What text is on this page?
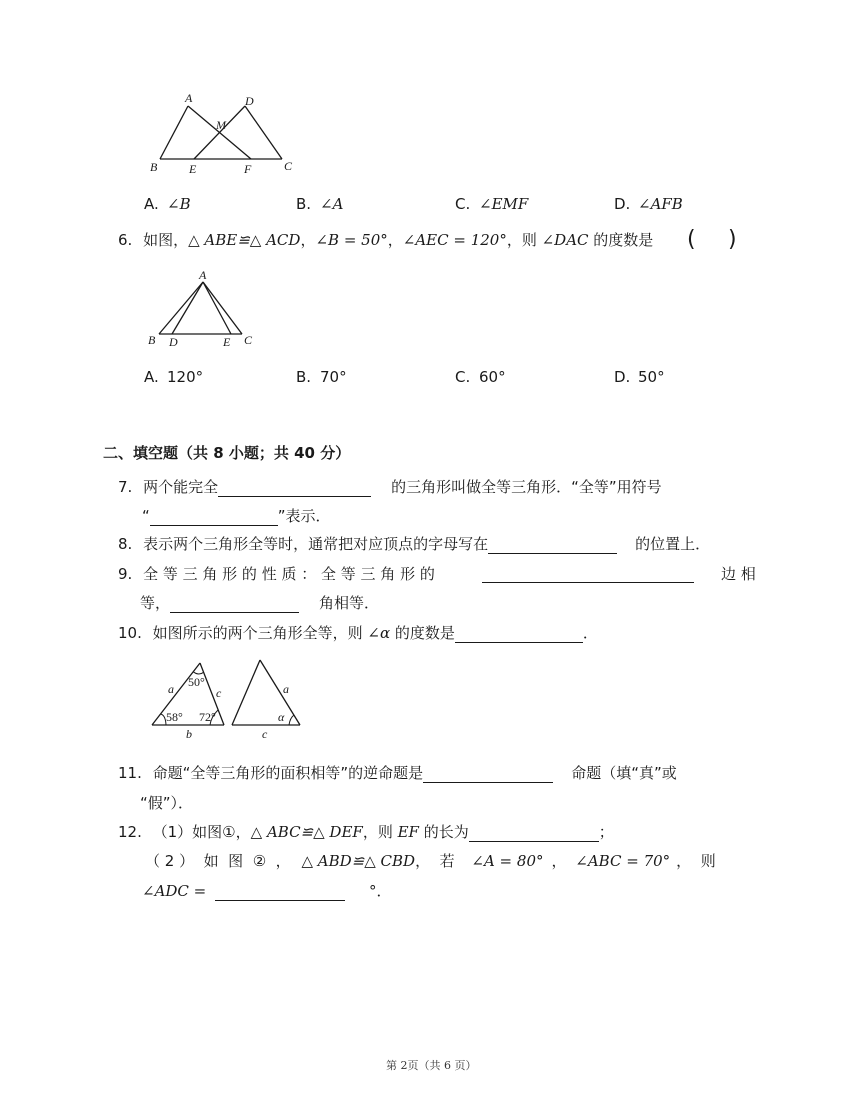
A	D
M
B	E	F	C
A. ∠B	B. ∠A	C. ∠EMF	D. ∠AFB
6. 如图，△ ABE≌△ ACD，∠B = 50°，∠AEC = 120°，则 ∠DAC 的度数是 ( )
A
B D	E C
A. 120°	B. 70°	C. 60°	D. 50°
二、填空题（共 8 小题；共 40 分）
7. 两个能完全	的三角形叫做全等三角形．“全等”用符号
“	”表示．
8. 表示两个三角形全等时，通常把对应顶点的字母写在	的位置上．
9. 全 等 三 角 形 的 性 质 ： 全 等 三 角 形 的	边 相
等，	角相等．
10. 如图所示的两个三角形全等，则 ∠α 的度数是	．
a 50°
c
58° 72°
b
a
α
c
11. 命题“全等三角形的面积相等”的逆命题是	命题（填“真”或
“假”）．
12. （1）如图①，△ ABC≌△ DEF，则 EF 的长为	；
（ 2 ）  如  图  ②  ， △ ABD≌△ CBD，  若 ∠A = 80° ， ∠ABC = 70° ，  则
∠ADC =	°．
第 2页（共 6 页）
